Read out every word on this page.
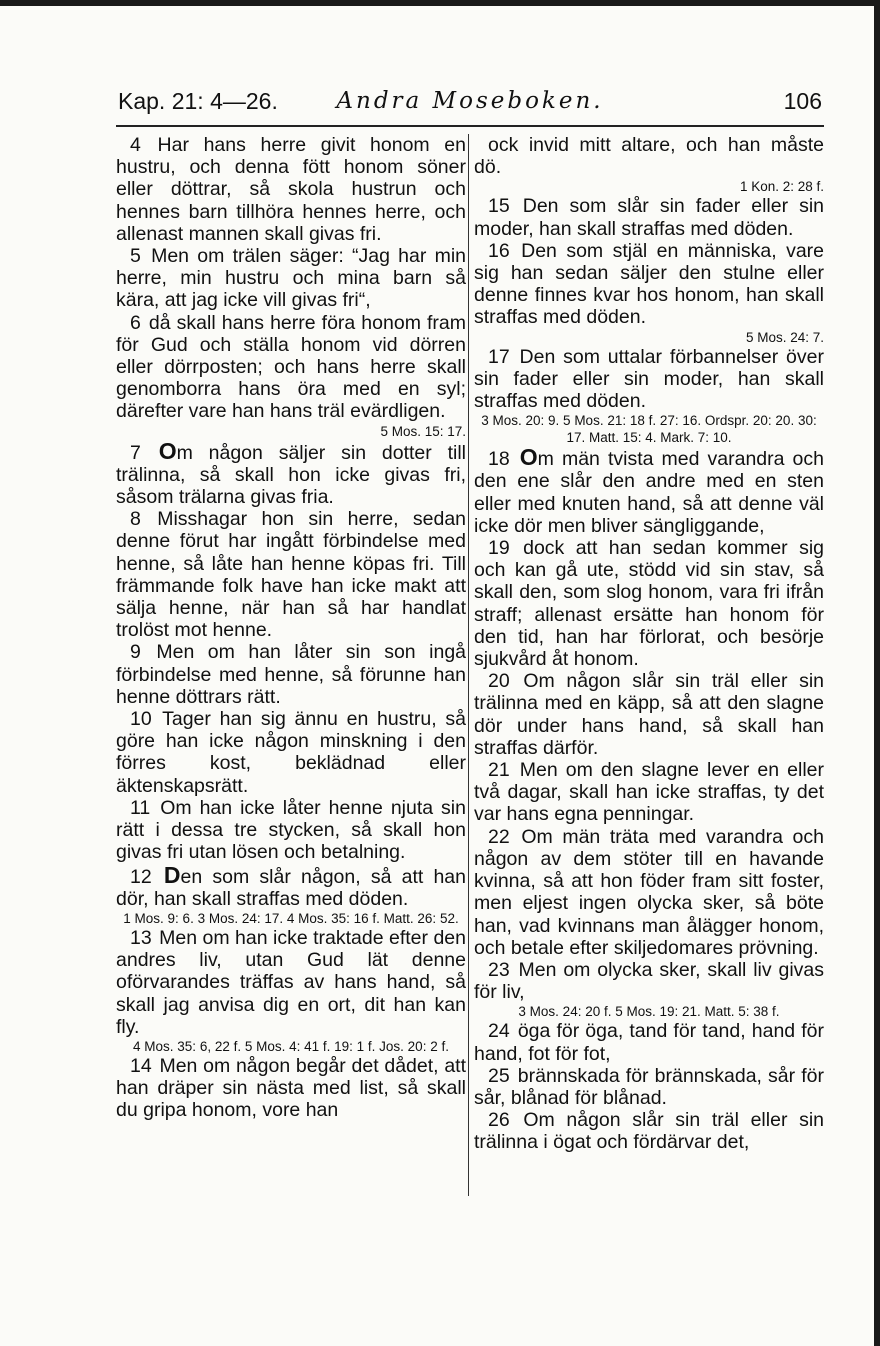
Kap. 21: 4—26.	Andra Moseboken.	106

4 Har hans herre givit honom en hustru, och denna fött honom söner eller döttrar, så skola hustrun och hennes barn tillhöra hennes herre, och allenast mannen skall givas fri.

5 Men om trälen säger: “Jag har min herre, min hustru och mina barn så kära, att jag icke vill givas fri“,

6 då skall hans herre föra honom fram för Gud och ställa honom vid dörren eller dörrposten; och hans herre skall genomborra hans öra med en syl; därefter vare han hans träl evärdligen.
5 Mos. 15: 17.

7 Om någon säljer sin dotter till trälinna, så skall hon icke givas fri, såsom trälarna givas fria.

8 Misshagar hon sin herre, sedan denne förut har ingått förbindelse med henne, så låte han henne köpas fri. Till främmande folk have han icke makt att sälja henne, när han så har handlat trolöst mot henne.

9 Men om han låter sin son ingå förbindelse med henne, så förunne han henne döttrars rätt.

10 Tager han sig ännu en hustru, så göre han icke någon minskning i den förres kost, beklädnad eller äktenskapsrätt.

11 Om han icke låter henne njuta sin rätt i dessa tre stycken, så skall hon givas fri utan lösen och betalning.

12 Den som slår någon, så att han dör, han skall straffas med döden.
1 Mos. 9: 6. 3 Mos. 24: 17. 4 Mos. 35: 16 f. Matt. 26: 52.

13 Men om han icke traktade efter den andres liv, utan Gud lät denne oförvarandes träffas av hans hand, så skall jag anvisa dig en ort, dit han kan fly.
4 Mos. 35: 6, 22 f. 5 Mos. 4: 41 f. 19: 1 f. Jos. 20: 2 f.

14 Men om någon begår det dådet, att han dräper sin nästa med list, så skall du gripa honom, vore han

ock invid mitt altare, och han måste dö.
1 Kon. 2: 28 f.

15 Den som slår sin fader eller sin moder, han skall straffas med döden.

16 Den som stjäl en människa, vare sig han sedan säljer den stulne eller denne finnes kvar hos honom, han skall straffas med döden.
5 Mos. 24: 7.

17 Den som uttalar förbannelser över sin fader eller sin moder, han skall straffas med döden.
3 Mos. 20: 9. 5 Mos. 21: 18 f. 27: 16. Ordspr. 20: 20. 30: 17. Matt. 15: 4. Mark. 7: 10.

18 Om män tvista med varandra och den ene slår den andre med en sten eller med knuten hand, så att denne väl icke dör men bliver sängliggande,

19 dock att han sedan kommer sig och kan gå ute, stödd vid sin stav, så skall den, som slog honom, vara fri ifrån straff; allenast ersätte han honom för den tid, han har förlorat, och besörje sjukvård åt honom.

20 Om någon slår sin träl eller sin trälinna med en käpp, så att den slagne dör under hans hand, så skall han straffas därför.

21 Men om den slagne lever en eller två dagar, skall han icke straffas, ty det var hans egna penningar.

22 Om män träta med varandra och någon av dem stöter till en havande kvinna, så att hon föder fram sitt foster, men eljest ingen olycka sker, så böte han, vad kvinnans man ålägger honom, och betale efter skiljedomares prövning.

23 Men om olycka sker, skall liv givas för liv,
3 Mos. 24: 20 f. 5 Mos. 19: 21. Matt. 5: 38 f.

24 öga för öga, tand för tand, hand för hand, fot för fot,

25 brännskada för brännskada, sår för sår, blånad för blånad.

26 Om någon slår sin träl eller sin trälinna i ögat och fördärvar det,
